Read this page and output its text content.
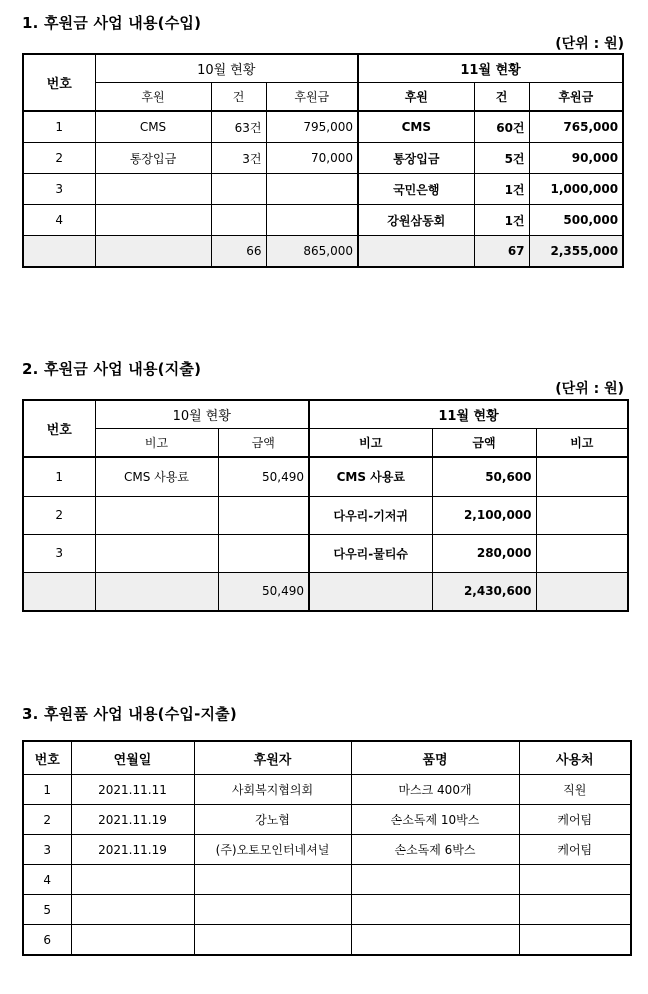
1. 후원금 사업 내용(수입)
(단위 : 원)
번호	10월 현황			11월 현황		
	후원	건	후원금	후원	건	후원금
1	CMS	63건	795,000	CMS	60건	765,000
2	통장입금	3건	70,000	통장입금	5건	90,000
3				국민은행	1건	1,000,000
4				강원삼동회	1건	500,000
		66	865,000		67	2,355,000
2. 후원금 사업 내용(지출)
(단위 : 원)
번호	10월 현황		11월 현황		
	비고	금액	비고	금액	비고
1	CMS 사용료	50,490	CMS 사용료	50,600	
2			다우리-기저귀	2,100,000	
3			다우리-물티슈	280,000	
		50,490		2,430,600	
3. 후원품 사업 내용(수입-지출)
번호	연월일	후원자	품명	사용처
1	2021.11.11	사회복지협의회	마스크 400개	직원
2	2021.11.19	강노협	손소독제 10박스	케어팀
3	2021.11.19	(주)오토모인터네셔널	손소독제 6박스	케어팀
4				
5				
6				
